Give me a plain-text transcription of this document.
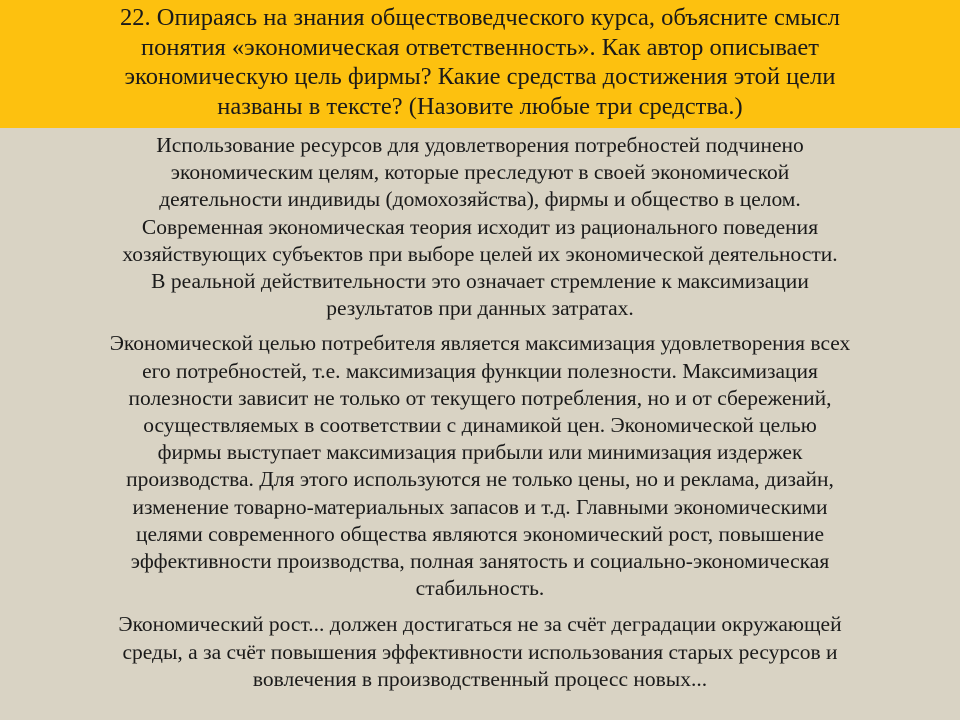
22. Опираясь на знания обществоведческого курса, объясните смысл
понятия «экономическая ответственность». Как автор описывает
экономическую цель фирмы? Какие средства достижения этой цели
названы в тексте? (Назовите любые три средства.)

Использование ресурсов для удовлетворения потребностей подчинено
экономическим целям, которые преследуют в своей экономической
деятельности индивиды (домохозяйства), фирмы и общество в целом.
Современная экономическая теория исходит из рационального поведения
хозяйствующих субъектов при выборе целей их экономической деятельности.
В реальной действительности это означает стремление к максимизации
результатов при данных затратах.

Экономической целью потребителя является максимизация удовлетворения всех
его потребностей, т.е. максимизация функции полезности. Максимизация
полезности зависит не только от текущего потребления, но и от сбережений,
осуществляемых в соответствии с динамикой цен. Экономической целью
фирмы выступает максимизация прибыли или минимизация издержек
производства. Для этого используются не только цены, но и реклама, дизайн,
изменение товарно-материальных запасов и т.д. Главными экономическими
целями современного общества являются экономический рост, повышение
эффективности производства, полная занятость и социально-экономическая
стабильность.

Экономический рост... должен достигаться не за счёт деградации окружающей
среды, а за счёт повышения эффективности использования старых ресурсов и
вовлечения в производственный процесс новых...
